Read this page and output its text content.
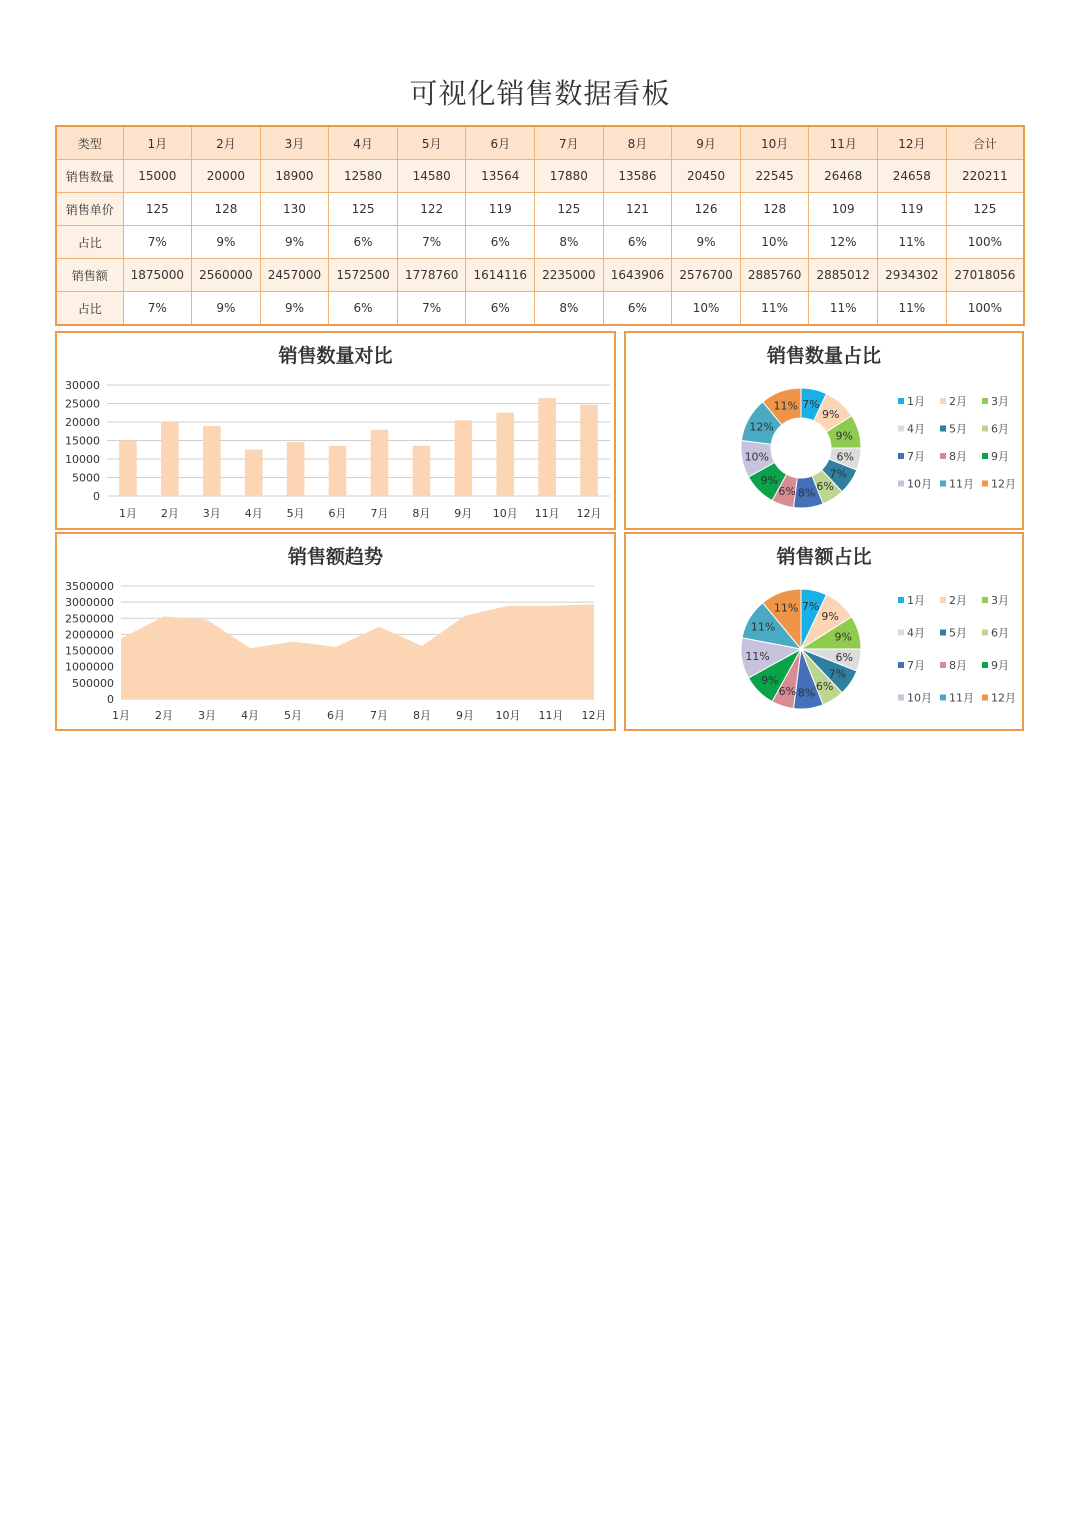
可视化销售数据看板
类型	1月	2月	3月	4月	5月	6月	7月	8月	9月	10月	11月	12月	合计
销售数量	15000	20000	18900	12580	14580	13564	17880	13586	20450	22545	26468	24658	220211
销售单价	125	128	130	125	122	119	125	121	126	128	109	119	125
占比	7%	9%	9%	6%	7%	6%	8%	6%	9%	10%	12%	11%	100%
销售额	1875000	2560000	2457000	1572500	1778760	1614116	2235000	1643906	2576700	2885760	2885012	2934302	27018056
占比	7%	9%	9%	6%	7%	6%	8%	6%	10%	11%	11%	11%	100%
销售数量对比
30000
25000
20000
15000
10000
5000
0
1月 2月 3月 4月 5月 6月 7月 8月 9月 10月 11月 12月
销售数量占比
7%
9%
9%
6%
7%
6%
8%
6%
9%
10%
12%
11%	1月 2月 3月
4月 5月 6月
7月 8月 9月
10月 11月 12月
销售额趋势
3500000
3000000
2500000
2000000
1500000
1000000
500000
0
1月 2月 3月 4月 5月 6月 7月 8月 9月 10月 11月 12月
销售额占比
7%
9%
9%
6%
7%
6%
8%
6%
9%
11%
11%
11%
1月 2月 3月
4月 5月 6月
7月 8月 9月
10月 11月 12月
